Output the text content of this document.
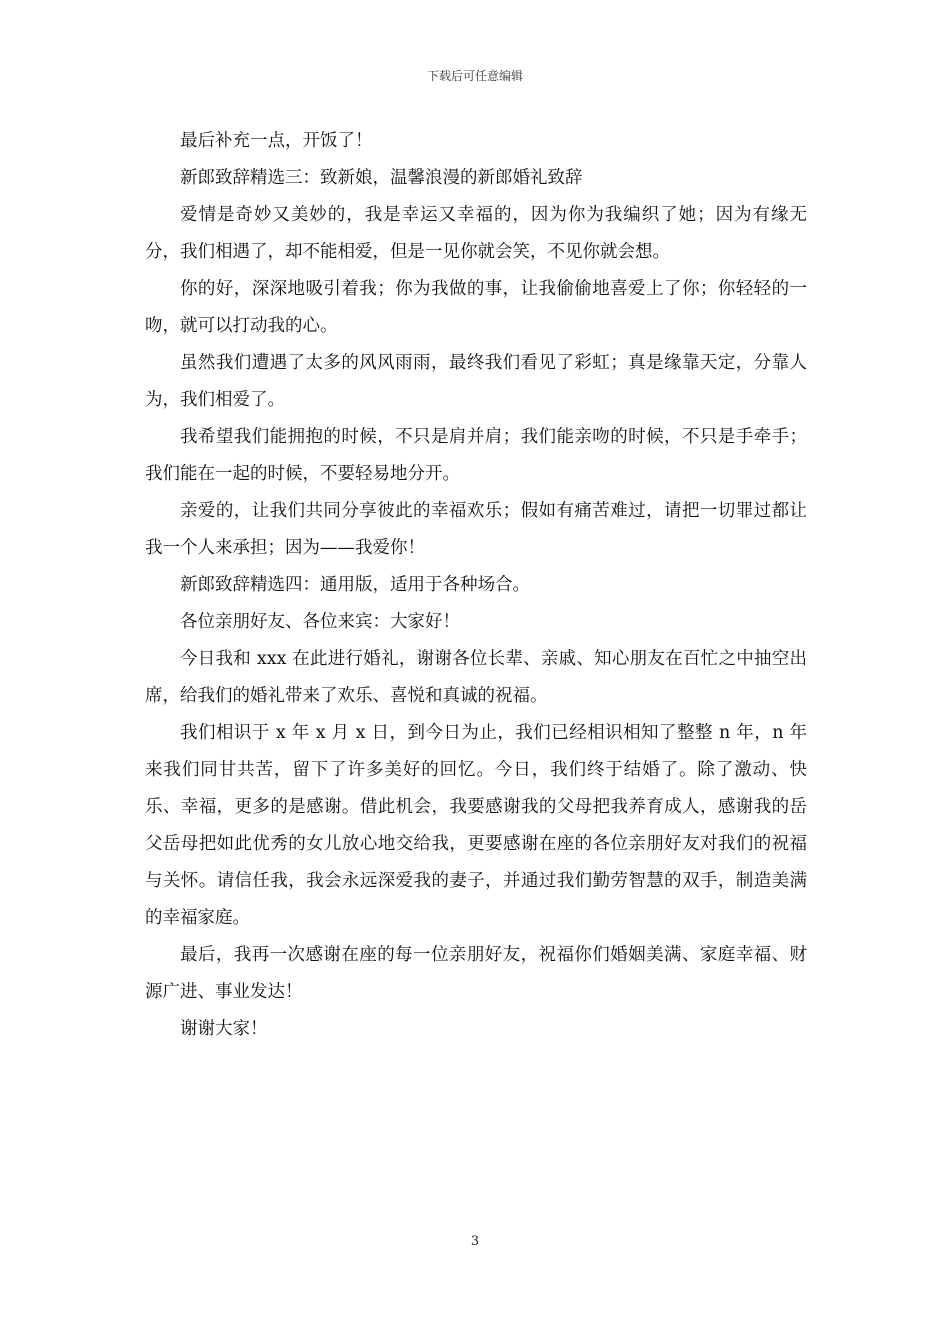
下载后可任意编辑

最后补充一点，开饭了！

新郎致辞精选三：致新娘，温馨浪漫的新郎婚礼致辞

爱情是奇妙又美妙的，我是幸运又幸福的，因为你为我编织了她；因为有缘无分，我们相遇了，却不能相爱，但是一见你就会笑，不见你就会想。

你的好，深深地吸引着我；你为我做的事，让我偷偷地喜爱上了你；你轻轻的一吻，就可以打动我的心。

虽然我们遭遇了太多的风风雨雨，最终我们看见了彩虹；真是缘靠天定，分靠人为，我们相爱了。

我希望我们能拥抱的时候，不只是肩并肩；我们能亲吻的时候，不只是手牵手；我们能在一起的时候，不要轻易地分开。

亲爱的，让我们共同分享彼此的幸福欢乐；假如有痛苦难过，请把一切罪过都让我一个人来承担；因为——我爱你！

新郎致辞精选四：通用版，适用于各种场合。

各位亲朋好友、各位来宾：大家好！

今日我和 xxx 在此进行婚礼，谢谢各位长辈、亲戚、知心朋友在百忙之中抽空出席，给我们的婚礼带来了欢乐、喜悦和真诚的祝福。

我们相识于 x 年 x 月 x 日，到今日为止，我们已经相识相知了整整 n 年，n 年来我们同甘共苦，留下了许多美好的回忆。今日，我们终于结婚了。除了激动、快乐、幸福，更多的是感谢。借此机会，我要感谢我的父母把我养育成人，感谢我的岳父岳母把如此优秀的女儿放心地交给我，更要感谢在座的各位亲朋好友对我们的祝福与关怀。请信任我，我会永远深爱我的妻子，并通过我们勤劳智慧的双手，制造美满的幸福家庭。

最后，我再一次感谢在座的每一位亲朋好友，祝福你们婚姻美满、家庭幸福、财源广进、事业发达！

谢谢大家！

3
